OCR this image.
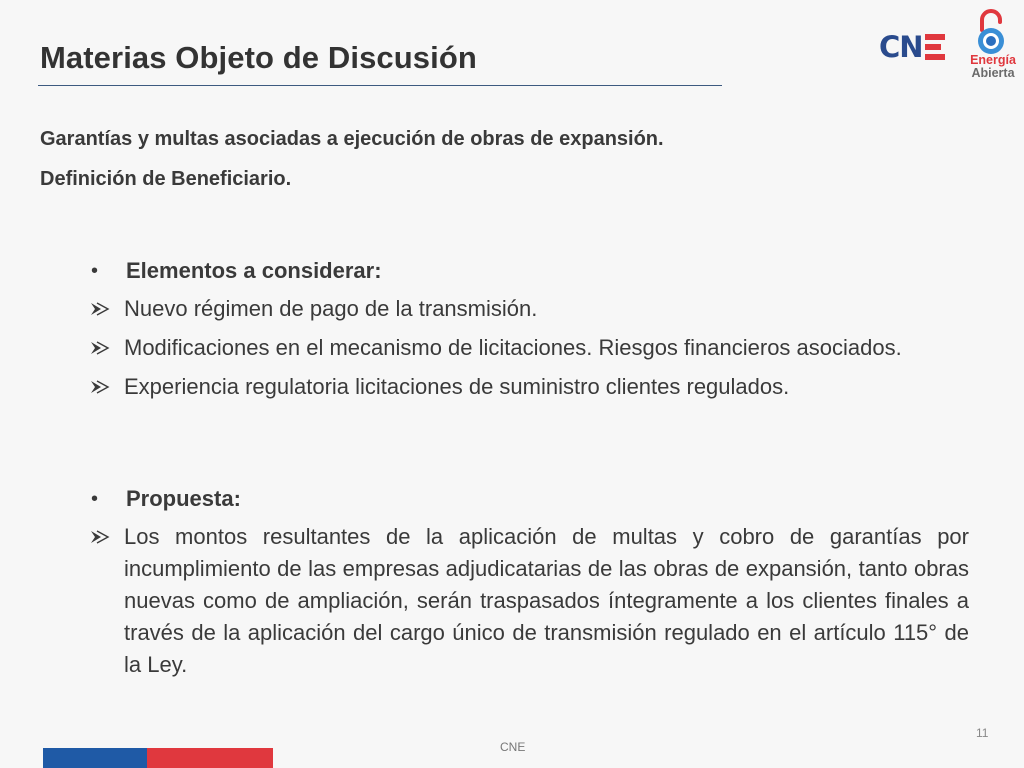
Materias Objeto de Discusión	CN	Energía
Abierta
Garantías y multas asociadas a ejecución de obras de expansión.
Definición de Beneficiario.
•	Elementos a considerar:
Nuevo régimen de pago de la transmisión.
Modificaciones en el mecanismo de licitaciones. Riesgos financieros asociados.
Experiencia regulatoria licitaciones de suministro clientes regulados.
•	Propuesta:
Los montos resultantes de la aplicación de multas y cobro de garantías por incumplimiento de las empresas adjudicatarias de las obras de expansión, tanto obras nuevas como de ampliación, serán traspasados íntegramente a los clientes finales a través de la aplicación del cargo único de transmisión regulado en el artículo 115° de la Ley.
11
CNE
